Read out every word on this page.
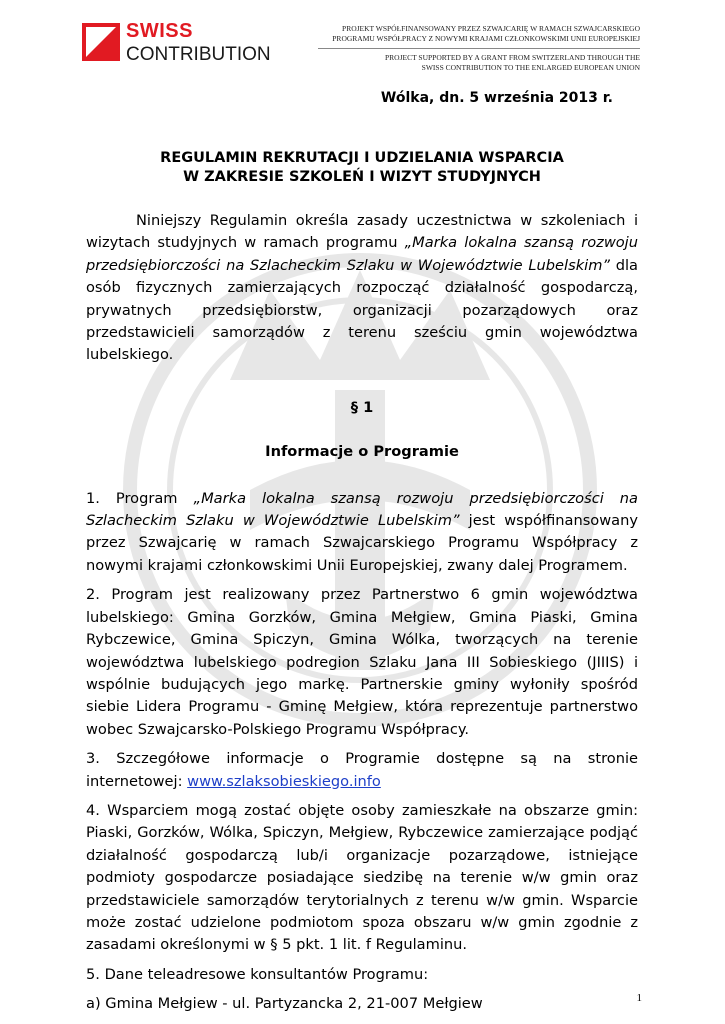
SWISS
CONTRIBUTION
PROJEKT WSPÓŁFINANSOWANY PRZEZ SZWAJCARIĘ W RAMACH SZWAJCARSKIEGO
PROGRAMU WSPÓŁPRACY Z NOWYMI KRAJAMI CZŁONKOWSKIMI UNII EUROPEJSKIEJ
PROJECT SUPPORTED BY A GRANT FROM SWITZERLAND THROUGH THE
SWISS CONTRIBUTION TO THE ENLARGED EUROPEAN UNION
Wólka, dn. 5 września 2013 r.
REGULAMIN REKRUTACJI I UDZIELANIA WSPARCIA
W ZAKRESIE SZKOLEŃ I WIZYT STUDYJNYCH

Niniejszy Regulamin określa zasady uczestnictwa w szkoleniach i wizytach studyjnych w ramach programu „Marka lokalna szansą rozwoju przedsiębiorczości na Szlacheckim Szlaku w Województwie Lubelskim” dla osób fizycznych zamierzających rozpocząć działalność gospodarczą, prywatnych przedsiębiorstw, organizacji pozarządowych oraz przedstawicieli samorządów z terenu sześciu gmin województwa lubelskiego.

§ 1

Informacje o Programie

1. Program „Marka lokalna szansą rozwoju przedsiębiorczości na Szlacheckim Szlaku w Województwie Lubelskim” jest współfinansowany przez Szwajcarię w ramach Szwajcarskiego Programu Współpracy z nowymi krajami członkowskimi Unii Europejskiej, zwany dalej Programem.

2. Program jest realizowany przez Partnerstwo 6 gmin województwa lubelskiego: Gmina Gorzków, Gmina Mełgiew, Gmina Piaski, Gmina Rybczewice, Gmina Spiczyn, Gmina Wólka, tworzących na terenie województwa lubelskiego podregion Szlaku Jana III Sobieskiego (JIIIS) i wspólnie budujących jego markę. Partnerskie gminy wyłoniły spośród siebie Lidera Programu - Gminę Mełgiew, która reprezentuje partnerstwo wobec Szwajcarsko-Polskiego Programu Współpracy.

3. Szczegółowe informacje o Programie dostępne są na stronie internetowej: www.szlaksobieskiego.info

4. Wsparciem mogą zostać objęte osoby zamieszkałe na obszarze gmin: Piaski, Gorzków, Wólka, Spiczyn, Mełgiew, Rybczewice zamierzające podjąć działalność gospodarczą lub/i organizacje pozarządowe, istniejące podmioty gospodarcze posiadające siedzibę na terenie w/w gmin oraz przedstawiciele samorządów terytorialnych z terenu w/w gmin. Wsparcie może zostać udzielone podmiotom spoza obszaru w/w gmin zgodnie z zasadami określonymi w § 5 pkt. 1 lit. f Regulaminu.

5. Dane teleadresowe konsultantów Programu:

a) Gmina Mełgiew - ul. Partyzancka 2, 21-007 Mełgiew	1
